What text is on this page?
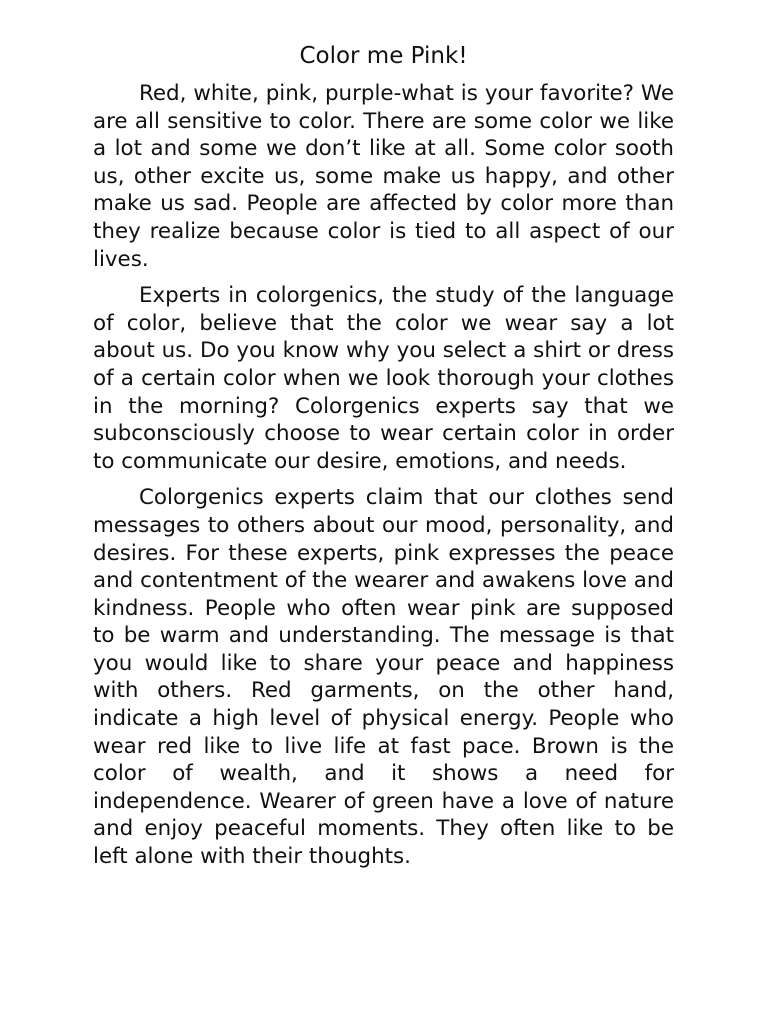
Color me Pink!

Red, white, pink, purple-what is your favorite? We are all sensitive to color. There are some color we like a lot and some we don’t like at all. Some color sooth us, other excite us, some make us happy, and other make us sad. People are affected by color more than they realize because color is tied to all aspect of our lives.

Experts in colorgenics, the study of the language of color, believe that the color we wear say a lot about us. Do you know why you select a shirt or dress of a certain color when we look thorough your clothes in the morning? Colorgenics experts say that we subconsciously choose to wear certain color in order to communicate our desire, emotions, and needs.

Colorgenics experts claim that our clothes send messages to others about our mood, personality, and desires. For these experts, pink expresses the peace and contentment of the wearer and awakens love and kindness. People who often wear pink are supposed to be warm and understanding. The message is that you would like to share your peace and happiness with others. Red garments, on the other hand, indicate a high level of physical energy. People who wear red like to live life at fast pace. Brown is the color of wealth, and it shows a need for independence. Wearer of green have a love of nature and enjoy peaceful moments. They often like to be left alone with their thoughts.
